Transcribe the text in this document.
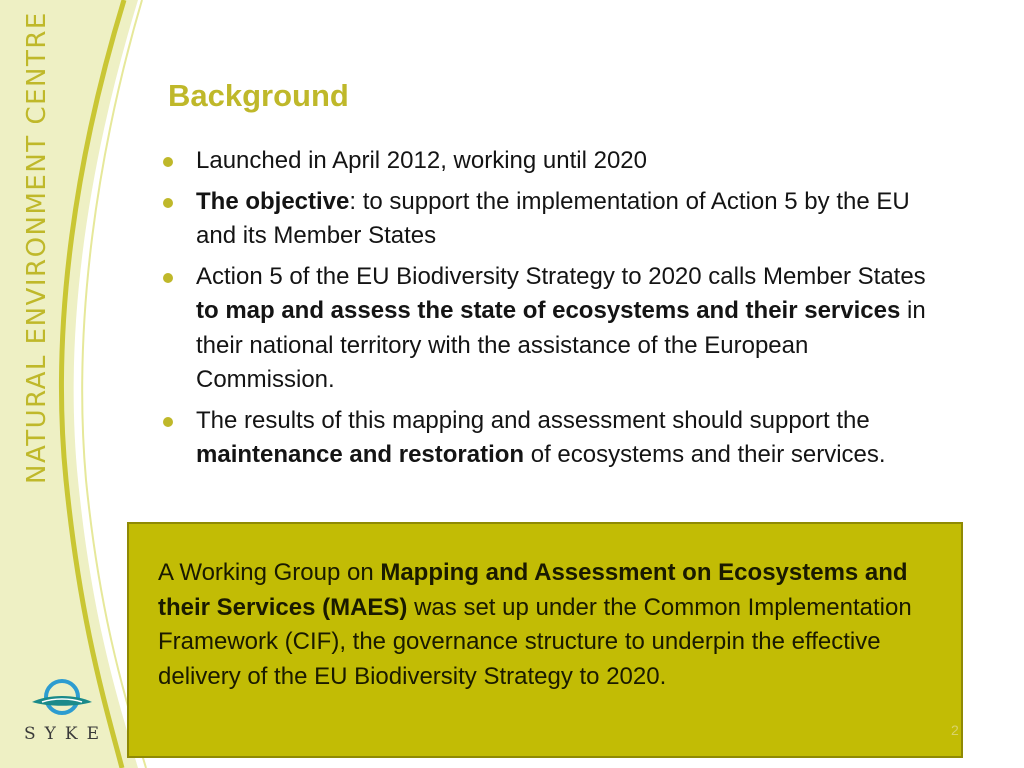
NATURAL ENVIRONMENT CENTRE
SYKE
Background
Launched in April 2012, working until 2020
The objective: to support the implementation of Action 5 by the EU and its Member States
Action 5 of the EU Biodiversity Strategy to 2020 calls Member States to map and assess the state of ecosystems and their services in their national territory with the assistance of the European Commission.
The results of this mapping and assessment should support the maintenance and restoration of ecosystems and their services.

A Working Group on Mapping and Assessment on Ecosystems and their Services (MAES) was set up under the Common Implementation Framework (CIF), the governance structure to underpin the effective delivery of the EU Biodiversity Strategy to 2020.

2
